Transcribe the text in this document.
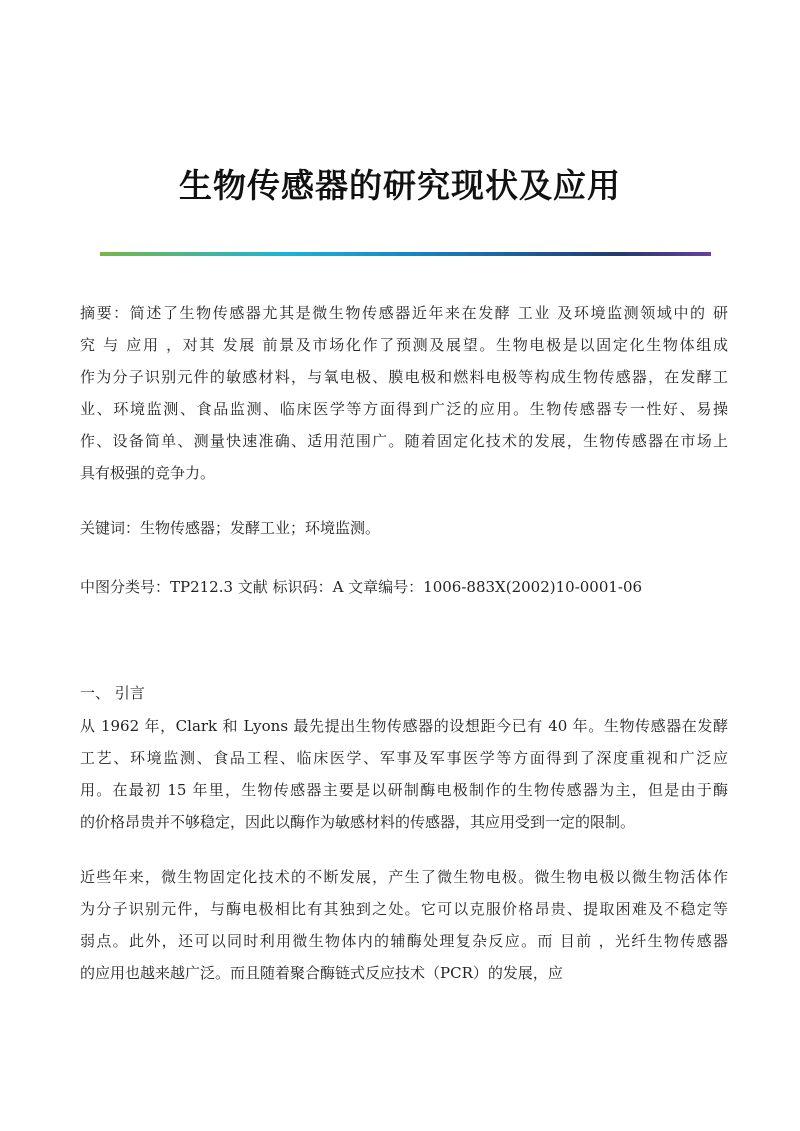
生物传感器的研究现状及应用
摘要：简述了生物传感器尤其是微生物传感器近年来在发酵 工业 及环境监测领域中的 研
究 与 应用 ，对其 发展 前景及市场化作了预测及展望。生物电极是以固定化生物体组成
作为分子识别元件的敏感材料，与氧电极、膜电极和燃料电极等构成生物传感器，在发酵工
业、环境监测、食品监测、临床医学等方面得到广泛的应用。生物传感器专一性好、易操
作、设备简单、测量快速准确、适用范围广。随着固定化技术的发展，生物传感器在市场上
具有极强的竞争力。
关键词：生物传感器；发酵工业；环境监测。
中图分类号：TP212.3 文献 标识码：A 文章编号：1006-883X(2002)10-0001-06
一、 引言
从 1962 年，Clark 和 Lyons 最先提出生物传感器的设想距今已有 40 年。生物传感器在发酵
工艺、环境监测、食品工程、临床医学、军事及军事医学等方面得到了深度重视和广泛应
用。在最初 15 年里，生物传感器主要是以研制酶电极制作的生物传感器为主，但是由于酶
的价格昂贵并不够稳定，因此以酶作为敏感材料的传感器，其应用受到一定的限制。
近些年来，微生物固定化技术的不断发展，产生了微生物电极。微生物电极以微生物活体作
为分子识别元件，与酶电极相比有其独到之处。它可以克服价格昂贵、提取困难及不稳定等
弱点。此外，还可以同时利用微生物体内的辅酶处理复杂反应。而 目前 ，光纤生物传感器
的应用也越来越广泛。而且随着聚合酶链式反应技术（PCR）的发展，应
